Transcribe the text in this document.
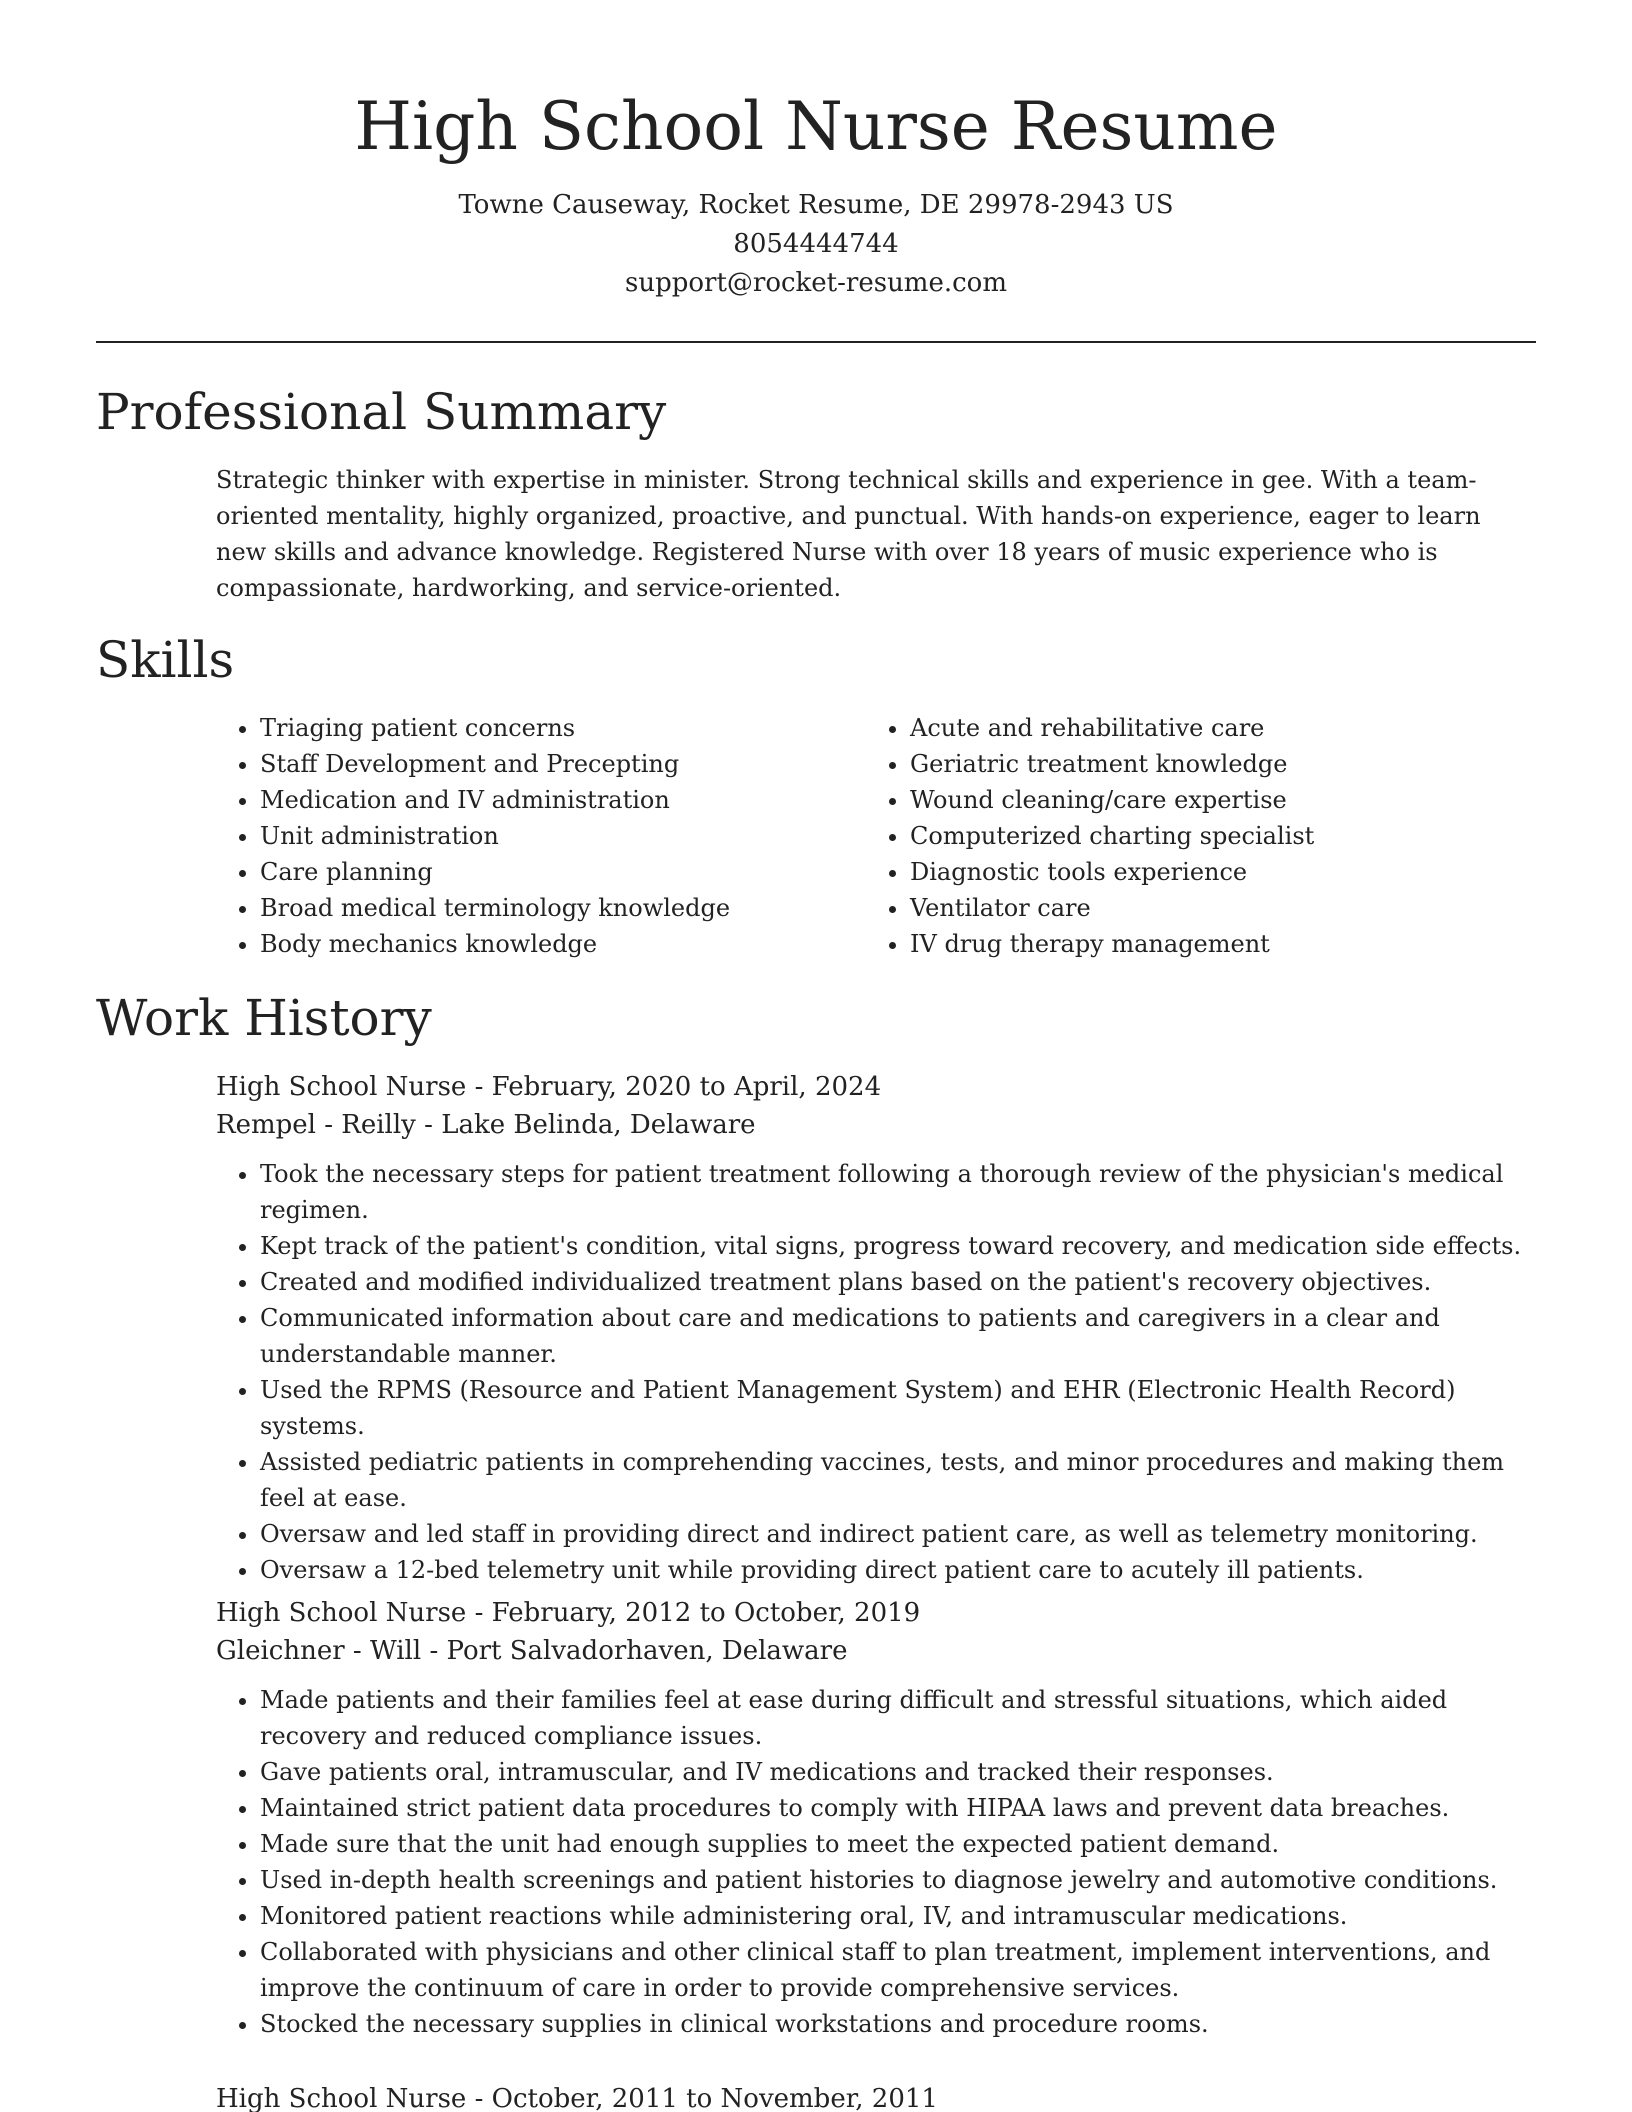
High School Nurse Resume
Towne Causeway, Rocket Resume, DE 29978-2943 US
8054444744
support@rocket-resume.com
Professional Summary

Strategic thinker with expertise in minister. Strong technical skills and experience in gee. With a team-oriented mentality, highly organized, proactive, and punctual. With hands-on experience, eager to learn new skills and advance knowledge. Registered Nurse with over 18 years of music experience who is compassionate, hardworking, and service-oriented.

Skills
• Triaging patient concerns
• Staff Development and Precepting
• Medication and IV administration
• Unit administration
• Care planning
• Broad medical terminology knowledge
• Body mechanics knowledge
• Acute and rehabilitative care
• Geriatric treatment knowledge
• Wound cleaning/care expertise
• Computerized charting specialist
• Diagnostic tools experience
• Ventilator care
• IV drug therapy management
Work History

High School Nurse - February, 2020 to April, 2024

Rempel - Reilly - Lake Belinda, Delaware

• Took the necessary steps for patient treatment following a thorough review of the physician's medical regimen.
• Kept track of the patient's condition, vital signs, progress toward recovery, and medication side effects.
• Created and modified individualized treatment plans based on the patient's recovery objectives.
• Communicated information about care and medications to patients and caregivers in a clear and understandable manner.
• Used the RPMS (Resource and Patient Management System) and EHR (Electronic Health Record) systems.
• Assisted pediatric patients in comprehending vaccines, tests, and minor procedures and making them feel at ease.
• Oversaw and led staff in providing direct and indirect patient care, as well as telemetry monitoring.
• Oversaw a 12-bed telemetry unit while providing direct patient care to acutely ill patients.

High School Nurse - February, 2012 to October, 2019

Gleichner - Will - Port Salvadorhaven, Delaware

• Made patients and their families feel at ease during difficult and stressful situations, which aided recovery and reduced compliance issues.
• Gave patients oral, intramuscular, and IV medications and tracked their responses.
• Maintained strict patient data procedures to comply with HIPAA laws and prevent data breaches.
• Made sure that the unit had enough supplies to meet the expected patient demand.
• Used in-depth health screenings and patient histories to diagnose jewelry and automotive conditions.
• Monitored patient reactions while administering oral, IV, and intramuscular medications.
• Collaborated with physicians and other clinical staff to plan treatment, implement interventions, and improve the continuum of care in order to provide comprehensive services.
• Stocked the necessary supplies in clinical workstations and procedure rooms.

High School Nurse - October, 2011 to November, 2011
